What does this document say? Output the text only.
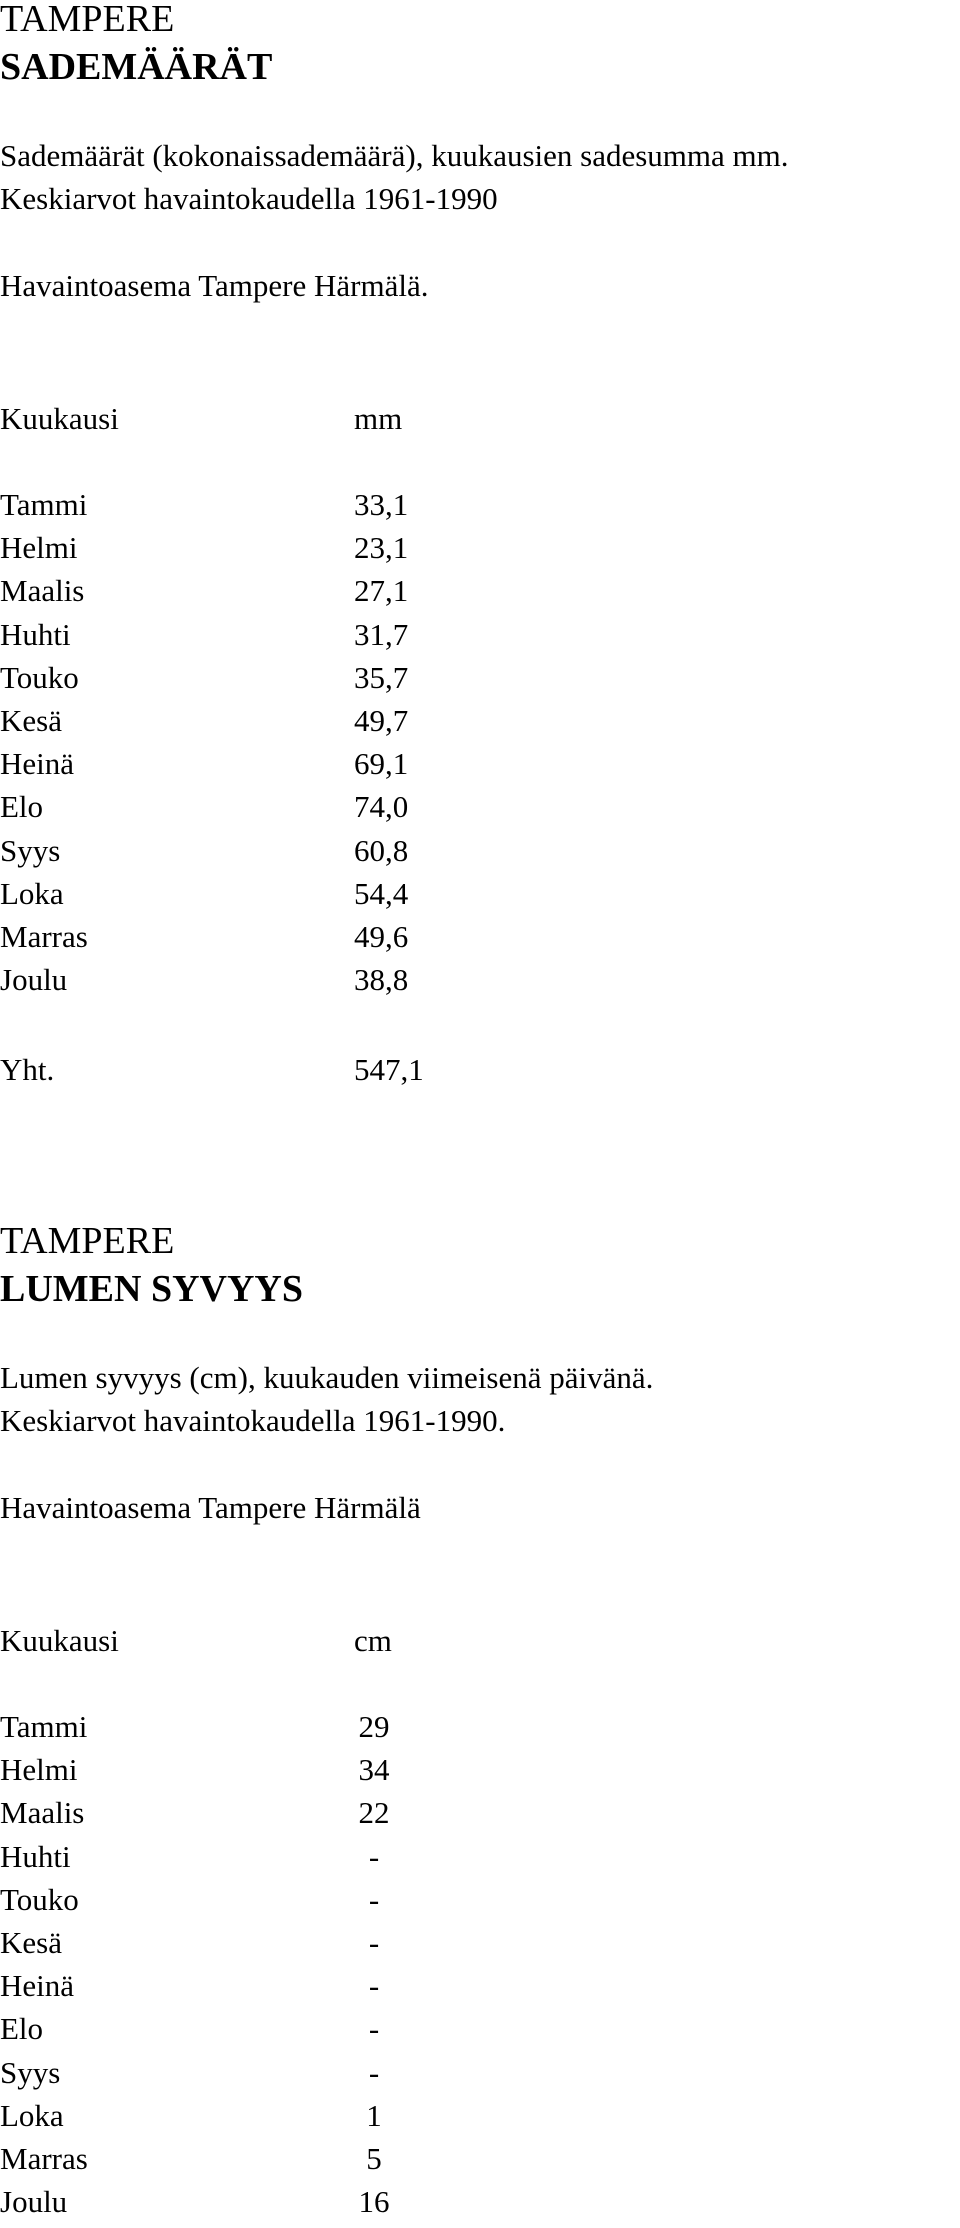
TAMPERE
SADEMÄÄRÄT
Sademäärät (kokonaissademäärä), kuukausien sadesumma mm.
Keskiarvot havaintokaudella 1961-1990
Havaintoasema Tampere Härmälä.
Kuukausi	mm
Tammi	33,1
Helmi	23,1
Maalis	27,1
Huhti	31,7
Touko	35,7
Kesä	49,7
Heinä	69,1
Elo	74,0
Syys	60,8
Loka	54,4
Marras	49,6
Joulu	38,8
Yht.	547,1
TAMPERE
LUMEN SYVYYS
Lumen syvyys (cm), kuukauden viimeisenä päivänä.
Keskiarvot havaintokaudella 1961-1990.
Havaintoasema Tampere Härmälä
Kuukausi	cm
Tammi	29
Helmi	34
Maalis	22
Huhti	-
Touko	-
Kesä	-
Heinä	-
Elo	-
Syys	-
Loka	1
Marras	5
Joulu	16
